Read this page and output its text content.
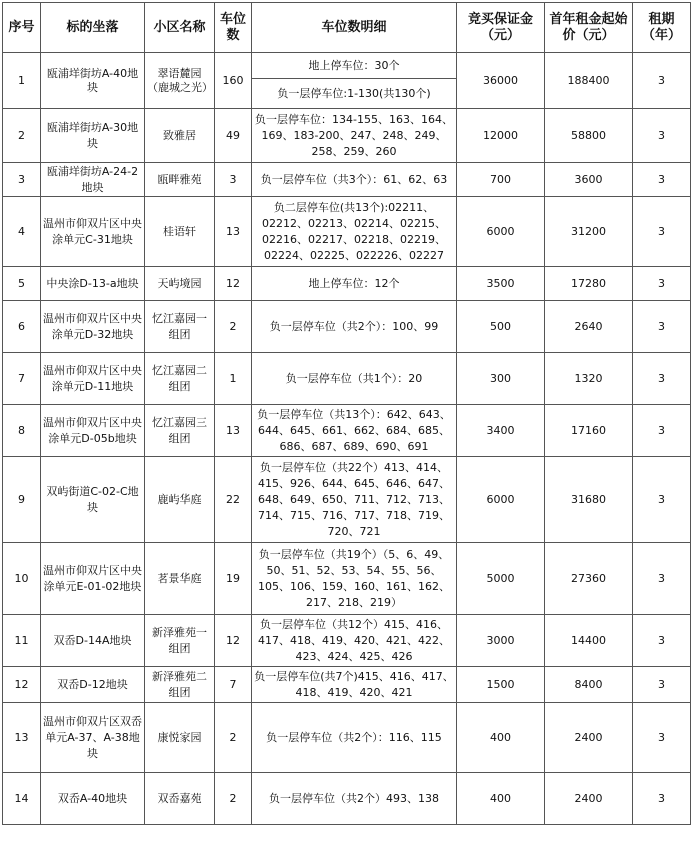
序号	标的坐落	小区名称	车位数	车位数明细	竞买保证金（元）	首年租金起始价（元）	租期（年）
1	瓯浦垟街坊A-40地块	翠语麓园（鹿城之光）	160	地上停车位：30个	36000	188400	3
				负一层停车位:1-130(共130个)			
2	瓯浦垟街坊A-30地块	致雅居	49	负一层停车位：134-155、163、164、169、183-200、247、248、249、258、259、260	12000	58800	3
3	瓯浦垟街坊A-24-2地块	瓯畔雅苑	3	负一层停车位（共3个）：61、62、63	700	3600	3
4	温州市仰双片区中央涂单元C-31地块	桂语轩	13	负二层停车位(共13个):02211、02212、02213、02214、02215、02216、02217、02218、02219、02224、02225、022226、02227	6000	31200	3
5	中央涂D-13-a地块	天屿境园	12	地上停车位：12个	3500	17280	3
6	温州市仰双片区中央涂单元D-32地块	忆江嘉园一组团	2	负一层停车位（共2个）：100、99	500	2640	3
7	温州市仰双片区中央涂单元D-11地块	忆江嘉园二组团	1	负一层停车位（共1个）：20	300	1320	3
8	温州市仰双片区中央涂单元D-05b地块	忆江嘉园三组团	13	负一层停车位（共13个）：642、643、644、645、661、662、684、685、686、687、689、690、691	3400	17160	3
9	双屿街道C-02-C地块	鹿屿华庭	22	负一层停车位（共22个）413、414、415、926、644、645、646、647、648、649、650、711、712、713、714、715、716、717、718、719、720、721	6000	31680	3
10	温州市仰双片区中央涂单元E-01-02地块	茗景华庭	19	负一层停车位（共19个）（5、6、49、50、51、52、53、54、55、56、105、106、159、160、161、162、217、218、219）	5000	27360	3
11	双岙D-14A地块	新泽雅苑一组团	12	负一层停车位（共12个）415、416、417、418、419、420、421、422、423、424、425、426	3000	14400	3
12	双岙D-12地块	新泽雅苑二组团	7	负一层停车位(共7个)415、416、417、418、419、420、421	1500	8400	3
13	温州市仰双片区双岙单元A-37、A-38地块	康悦家园	2	负一层停车位（共2个）：116、115	400	2400	3
14	双岙A-40地块	双岙嘉苑	2	负一层停车位（共2个）493、138	400	2400	3
